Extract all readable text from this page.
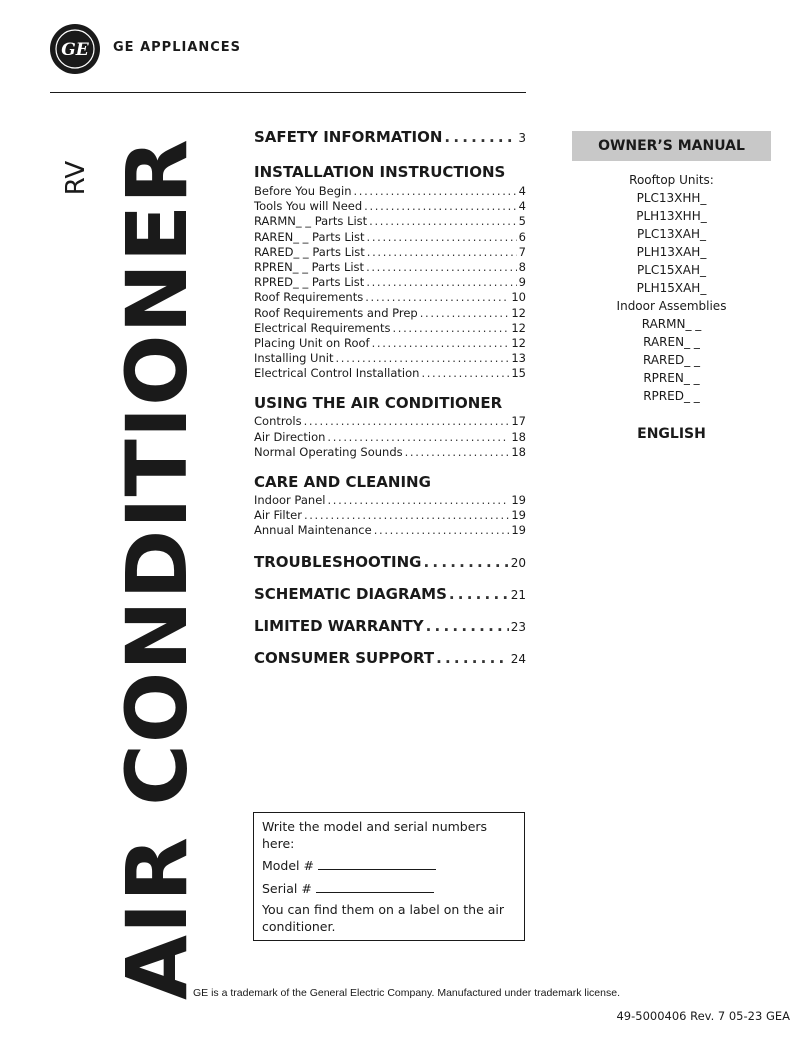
GE GE APPLIANCES
RV AIR CONDITIONER
SAFETY INFORMATION . . .	3
INSTALLATION INSTRUCTIONS
Before You Begin . . .	4
Tools You will Need . . .	4
RARMN_ _ Parts List . . .	5
RAREN_ _ Parts List . . .	6
RARED_ _ Parts List . . .	7
RPREN_ _ Parts List . . .	8
RPRED_ _ Parts List . . .	9
Roof Requirements . . .	10
Roof Requirements and Prep . . .	12
Electrical Requirements . . .	12
Placing Unit on Roof . . .	12
Installing Unit . . .	13
Electrical Control Installation . . .	15
USING THE AIR CONDITIONER
Controls . . .	17
Air Direction . . .	18
Normal Operating Sounds . . .	18
CARE AND CLEANING
Indoor Panel . . .	19
Air Filter . . .	19
Annual Maintenance . . .	19
TROUBLESHOOTING . . .	20
SCHEMATIC DIAGRAMS . . .	21
LIMITED WARRANTY . . .	23
CONSUMER SUPPORT . . .	24
OWNER’S MANUAL
Rooftop Units:
PLC13XHH_
PLH13XHH_
PLC13XAH_
PLH13XAH_
PLC15XAH_
PLH15XAH_
Indoor Assemblies
RARMN_ _
RAREN_ _
RARED_ _
RPREN_ _
RPRED_ _
ENGLISH
Write the model and serial numbers here:
Model #
Serial #
You can find them on a label on the air conditioner.
GE is a trademark of the General Electric Company. Manufactured under trademark license.
49-5000406 Rev. 7 05-23 GEA
